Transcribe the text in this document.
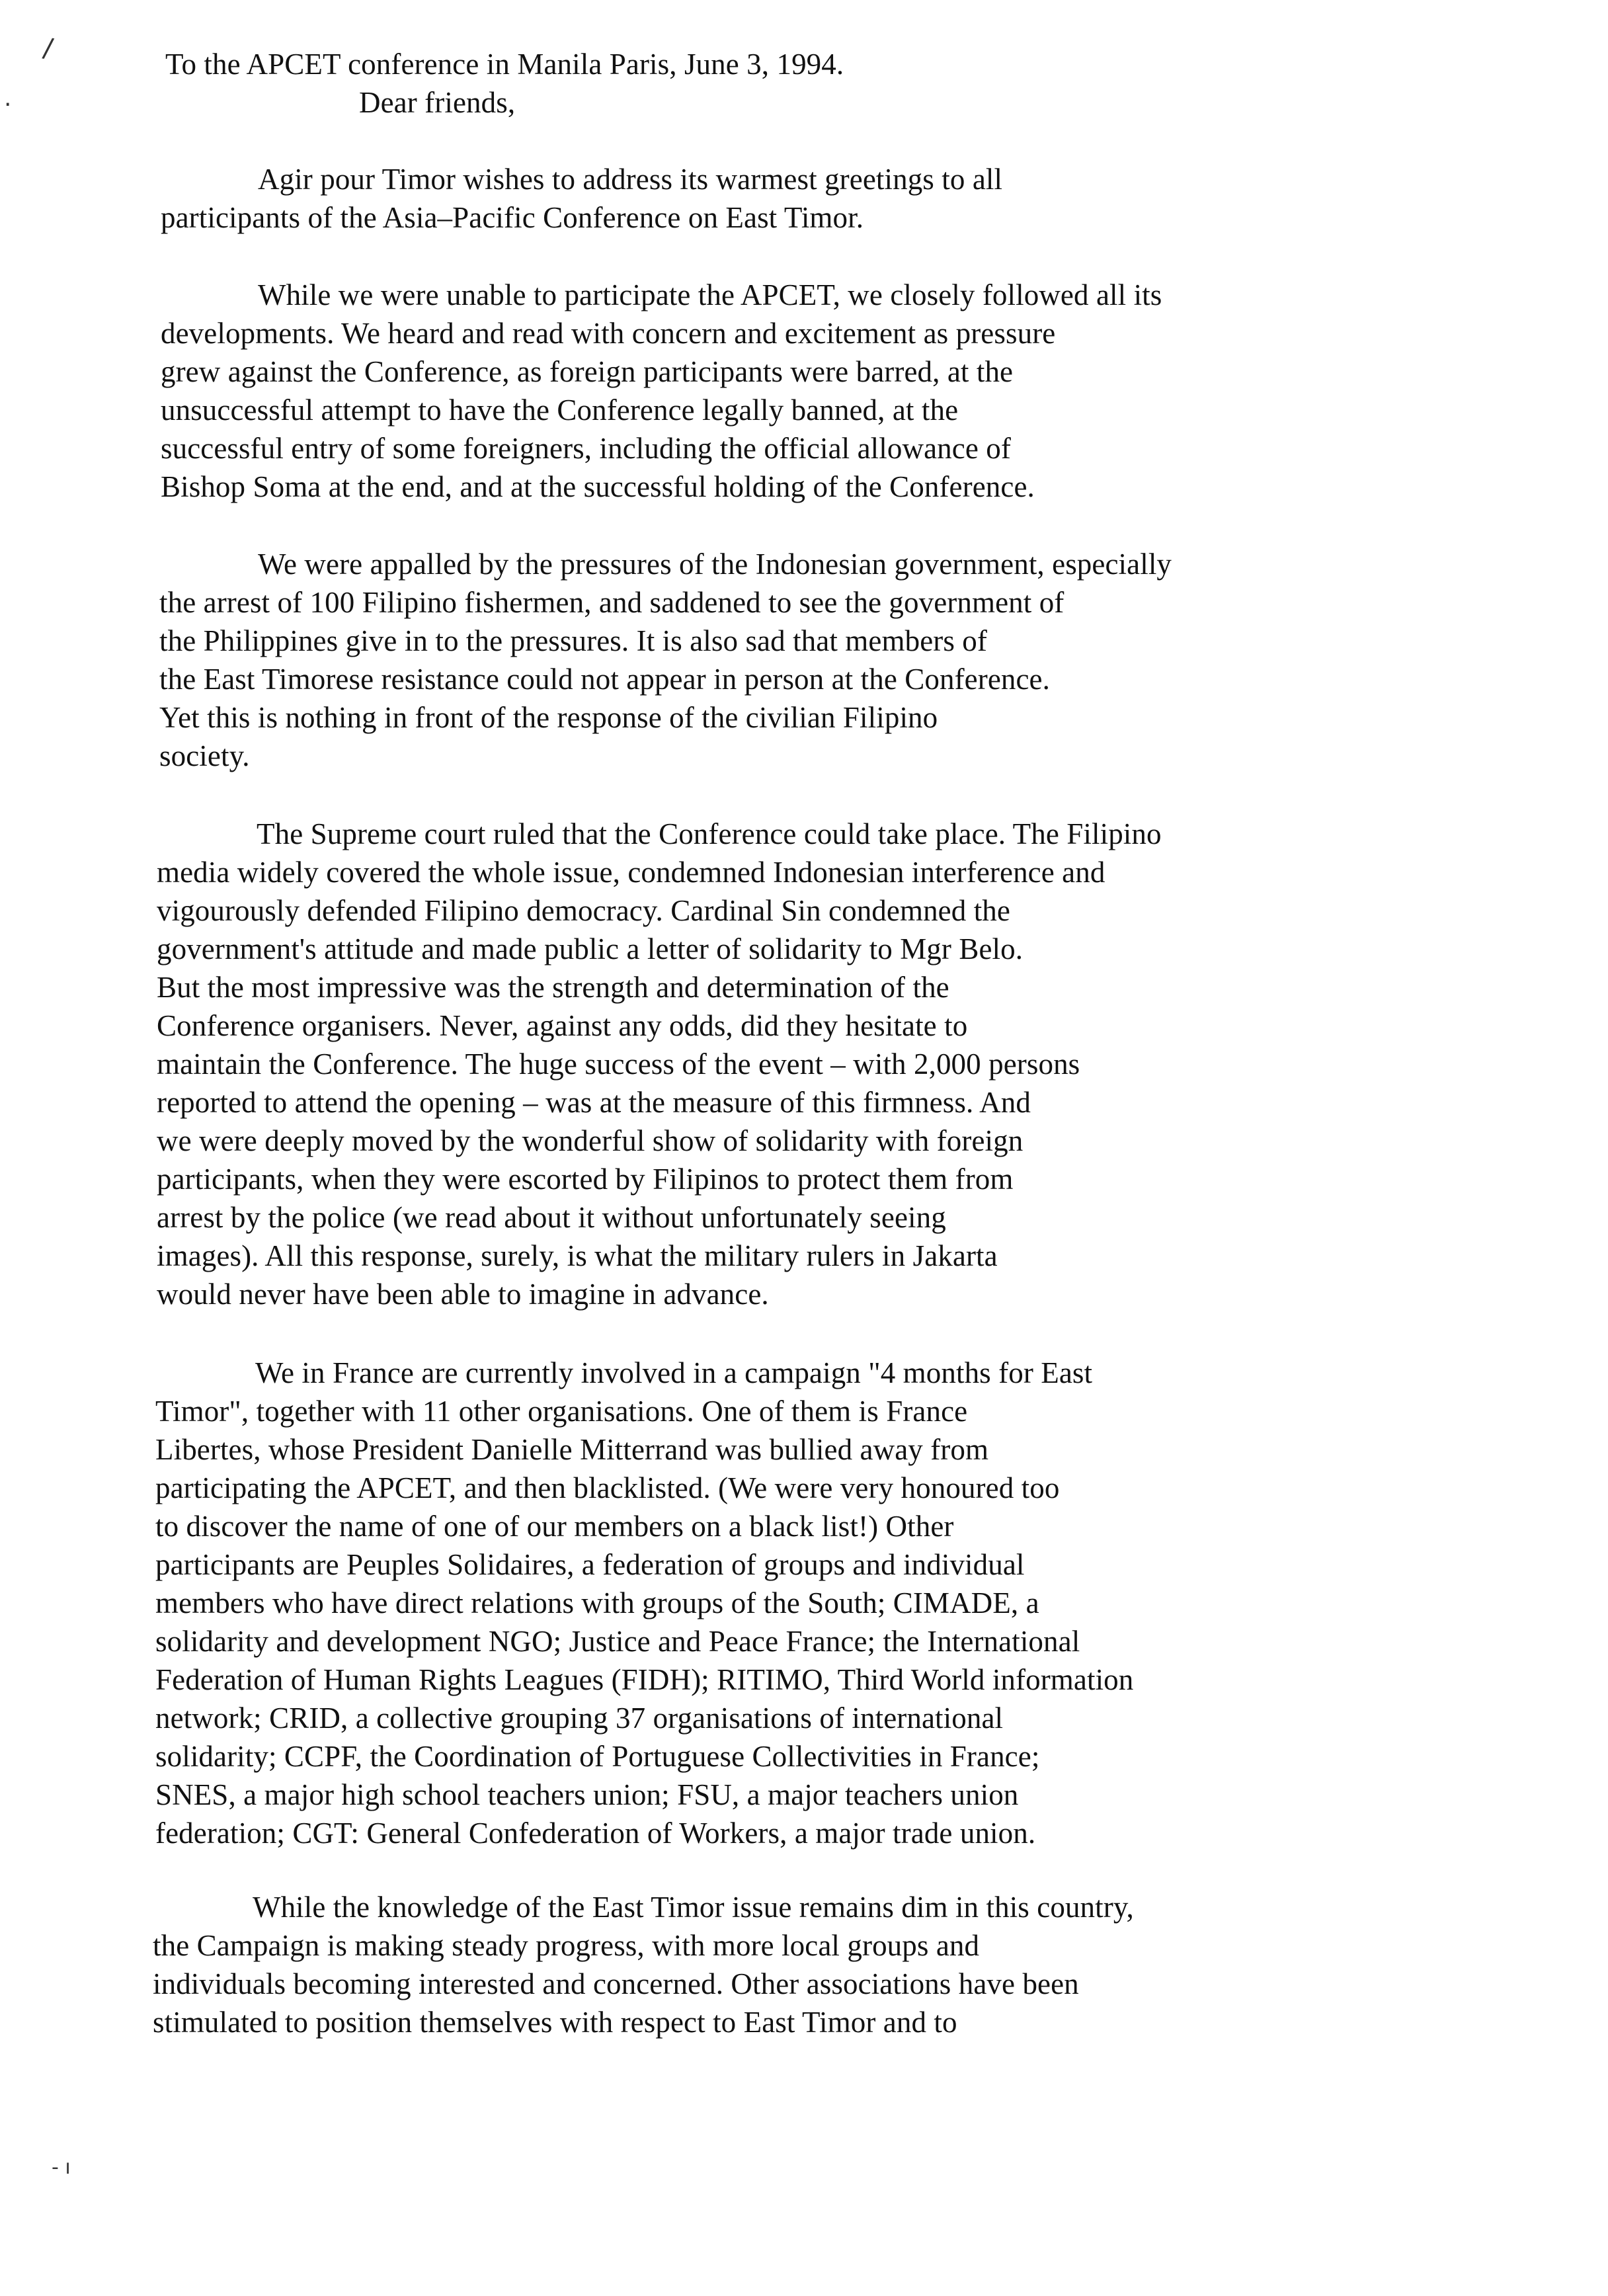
To the APCET conference in Manila Paris, June 3, 1994.
Dear friends,
Agir pour Timor wishes to address its warmest greetings to all
participants of the Asia–Pacific Conference on East Timor.
While we were unable to participate the APCET, we closely followed all its
developments. We heard and read with concern and excitement as pressure
grew against the Conference, as foreign participants were barred, at the
unsuccessful attempt to have the Conference legally banned, at the
successful entry of some foreigners, including the official allowance of
Bishop Soma at the end, and at the successful holding of the Conference.
We were appalled by the pressures of the Indonesian government, especially
the arrest of 100 Filipino fishermen, and saddened to see the government of
the Philippines give in to the pressures. It is also sad that members of
the East Timorese resistance could not appear in person at the Conference.
Yet this is nothing in front of the response of the civilian Filipino
society.
The Supreme court ruled that the Conference could take place. The Filipino
media widely covered the whole issue, condemned Indonesian interference and
vigourously defended Filipino democracy. Cardinal Sin condemned the
government's attitude and made public a letter of solidarity to Mgr Belo.
But the most impressive was the strength and determination of the
Conference organisers. Never, against any odds, did they hesitate to
maintain the Conference. The huge success of the event – with 2,000 persons
reported to attend the opening – was at the measure of this firmness. And
we were deeply moved by the wonderful show of solidarity with foreign
participants, when they were escorted by Filipinos to protect them from
arrest by the police (we read about it without unfortunately seeing
images). All this response, surely, is what the military rulers in Jakarta
would never have been able to imagine in advance.
We in France are currently involved in a campaign "4 months for East
Timor", together with 11 other organisations. One of them is France
Libertes, whose President Danielle Mitterrand was bullied away from
participating the APCET, and then blacklisted. (We were very honoured too
to discover the name of one of our members on a black list!) Other
participants are Peuples Solidaires, a federation of groups and individual
members who have direct relations with groups of the South; CIMADE, a
solidarity and development NGO; Justice and Peace France; the International
Federation of Human Rights Leagues (FIDH); RITIMO, Third World information
network; CRID, a collective grouping 37 organisations of international
solidarity; CCPF, the Coordination of Portuguese Collectivities in France;
SNES, a major high school teachers union; FSU, a major teachers union
federation; CGT: General Confederation of Workers, a major trade union.
While the knowledge of the East Timor issue remains dim in this country,
the Campaign is making steady progress, with more local groups and
individuals becoming interested and concerned. Other associations have been
stimulated to position themselves with respect to East Timor and to
/
·
- ı
